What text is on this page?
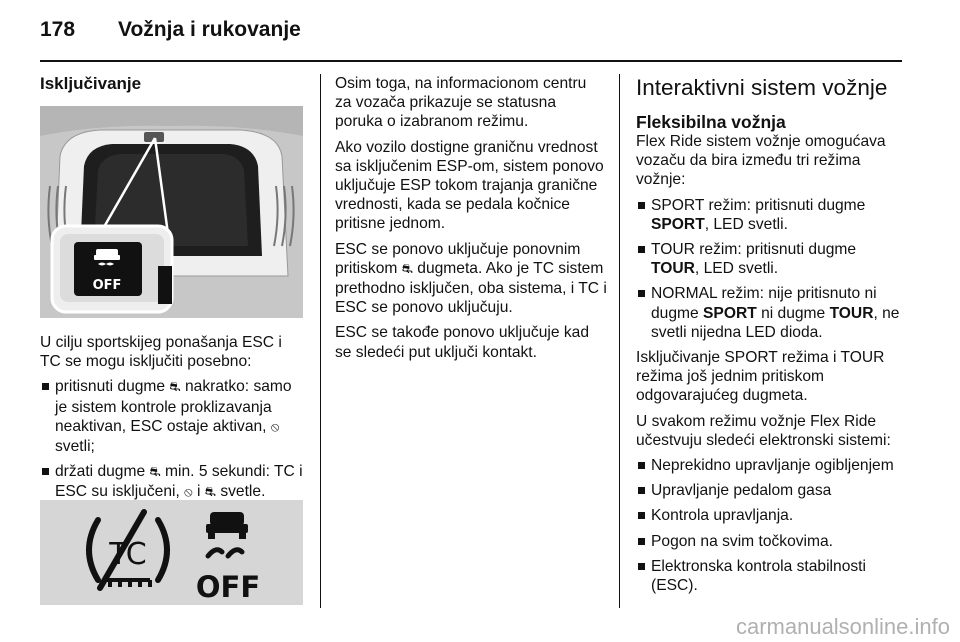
178 Vožnja i rukovanje
Isključivanje
OFF

U cilju sportskijeg ponašanja ESC i TC se mogu isključiti posebno:

pritisnuti dugme ⛐ nakratko: samo je sistem kontrole proklizavanja neaktivan, ESC ostaje aktivan, ⦸ svetli;
držati dugme ⛐ min. 5 sekundi: TC i ESC su isključeni, ⦸ i ⛐ svetle.
TC
OFF

Osim toga, na informacionom centru za vozača prikazuje se statusna poruka o izabranom režimu.

Ako vozilo dostigne graničnu vrednost sa isključenim ESP-om, sistem ponovo uključuje ESP tokom trajanja granične vrednosti, kada se pedala kočnice pritisne jednom.

ESC se ponovo uključuje ponovnim pritiskom ⛐ dugmeta. Ako je TC sistem prethodno isključen, oba sistema, i TC i ESC se ponovo uključuju.

ESC se takođe ponovo uključuje kad se sledeći put uključi kontakt.

Interaktivni sistem vožnje
Fleksibilna vožnja

Flex Ride sistem vožnje omogućava vozaču da bira između tri režima vožnje:

SPORT režim: pritisnuti dugme SPORT, LED svetli.
TOUR režim: pritisnuti dugme TOUR, LED svetli.
NORMAL režim: nije pritisnuto ni dugme SPORT ni dugme TOUR, ne svetli nijedna LED dioda.

Isključivanje SPORT režima i TOUR režima još jednim pritiskom odgovarajućeg dugmeta.

U svakom režimu vožnje Flex Ride učestvuju sledeći elektronski sistemi:

Neprekidno upravljanje ogibljenjem
Upravljanje pedalom gasa
Kontrola upravljanja.
Pogon na svim točkovima.
Elektronska kontrola stabilnosti (ESC).
carmanualsonline.info
